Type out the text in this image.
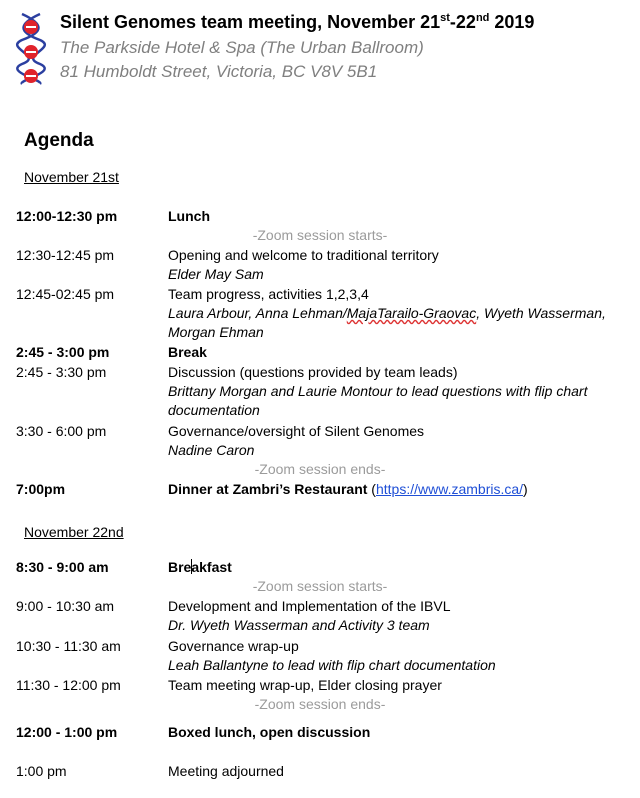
Silent Genomes team meeting, November 21st-22nd 2019
The Parkside Hotel & Spa (The Urban Ballroom)
81 Humboldt Street, Victoria, BC V8V 5B1
Agenda
November 21st
12:00-12:30 pm	Lunch
-Zoom session starts-
12:30-12:45 pm	Opening and welcome to traditional territory
Elder May Sam
12:45-02:45 pm	Team progress, activities 1,2,3,4
Laura Arbour, Anna Lehman/MajaTarailo-Graovac, Wyeth Wasserman, Morgan Ehman
2:45 - 3:00 pm	Break
2:45 - 3:30 pm	Discussion (questions provided by team leads)
Brittany Morgan and Laurie Montour to lead questions with flip chart documentation
3:30 - 6:00 pm	Governance/oversight of Silent Genomes
Nadine Caron
-Zoom session ends-
7:00pm	Dinner at Zambri’s Restaurant (https://www.zambris.ca/)
November 22nd
8:30 - 9:00 am	Breakfast
-Zoom session starts-
9:00 - 10:30 am	Development and Implementation of the IBVL
Dr. Wyeth Wasserman and Activity 3 team
10:30 - 11:30 am	Governance wrap-up
Leah Ballantyne to lead with flip chart documentation
11:30 - 12:00 pm	Team meeting wrap-up, Elder closing prayer
-Zoom session ends-
12:00 - 1:00 pm	Boxed lunch, open discussion
1:00 pm	Meeting adjourned
